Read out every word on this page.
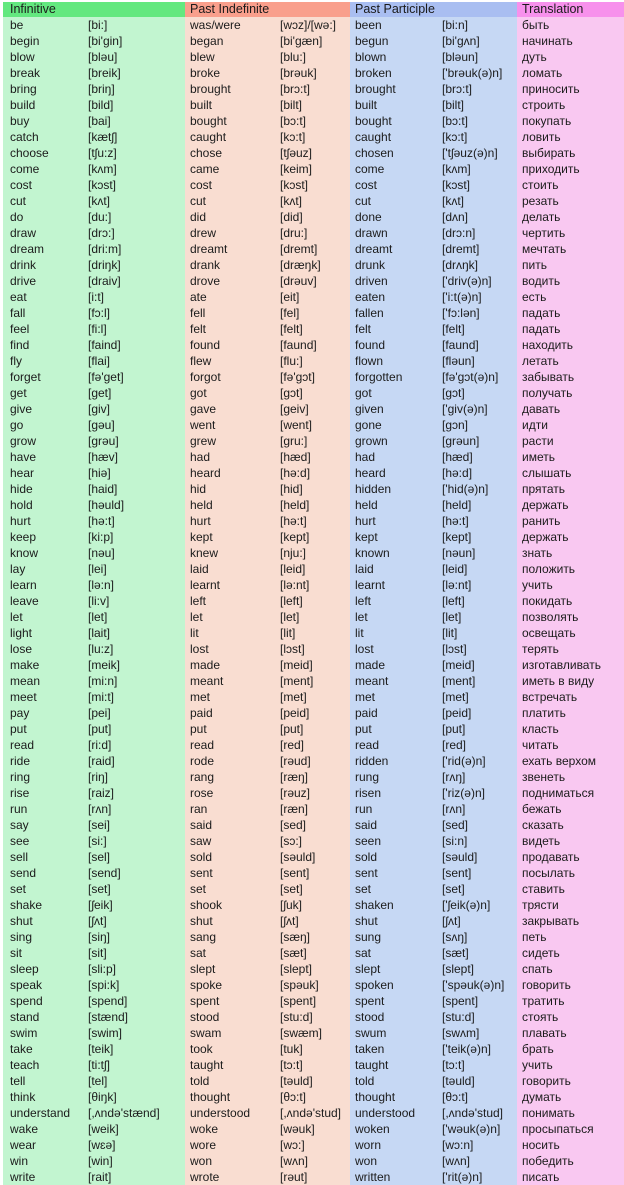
Infinitive	Past Indefinite	Past Participle	Translation
be	[bi:]	was/were	[wɔz]/[wə:]	been	[bi:n]	быть
begin	[bi'gin]	began	[bi'gæn]	begun	[bi'gʌn]	начинать
blow	[bləu]	blew	[blu:]	blown	[bləun]	дуть
break	[breik]	broke	[brəuk]	broken	['brəuk(ə)n]	ломать
bring	[briŋ]	brought	[brɔ:t]	brought	[brɔ:t]	приносить
build	[bild]	built	[bilt]	built	[bilt]	строить
buy	[bai]	bought	[bɔ:t]	bought	[bɔ:t]	покупать
catch	[kætʃ]	caught	[kɔ:t]	caught	[kɔ:t]	ловить
choose	[tʃu:z]	chose	[tʃəuz]	chosen	['tʃəuz(ə)n]	выбирать
come	[kʌm]	came	[keim]	come	[kʌm]	приходить
cost	[kɔst]	cost	[kɔst]	cost	[kɔst]	стоить
cut	[kʌt]	cut	[kʌt]	cut	[kʌt]	резать
do	[du:]	did	[did]	done	[dʌn]	делать
draw	[drɔ:]	drew	[dru:]	drawn	[drɔ:n]	чертить
dream	[dri:m]	dreamt	[dremt]	dreamt	[dremt]	мечтать
drink	[driŋk]	drank	[dræŋk]	drunk	[drʌŋk]	пить
drive	[draiv]	drove	[drəuv]	driven	['driv(ə)n]	водить
eat	[i:t]	ate	[eit]	eaten	['i:t(ə)n]	есть
fall	[fɔ:l]	fell	[fel]	fallen	['fɔ:lən]	падать
feel	[fi:l]	felt	[felt]	felt	[felt]	падать
find	[faind]	found	[faund]	found	[faund]	находить
fly	[flai]	flew	[flu:]	flown	[fləun]	летать
forget	[fə'get]	forgot	[fə'gɔt]	forgotten	[fə'gɔt(ə)n]	забывать
get	[get]	got	[gɔt]	got	[gɔt]	получать
give	[giv]	gave	[geiv]	given	['giv(ə)n]	давать
go	[gəu]	went	[went]	gone	[gɔn]	идти
grow	[grəu]	grew	[gru:]	grown	[grəun]	расти
have	[hæv]	had	[hæd]	had	[hæd]	иметь
hear	[hiə]	heard	[hə:d]	heard	[hə:d]	слышать
hide	[haid]	hid	[hid]	hidden	['hid(ə)n]	прятать
hold	[həuld]	held	[held]	held	[held]	держать
hurt	[hə:t]	hurt	[hə:t]	hurt	[hə:t]	ранить
keep	[ki:p]	kept	[kept]	kept	[kept]	держать
know	[nəu]	knew	[nju:]	known	[nəun]	знать
lay	[lei]	laid	[leid]	laid	[leid]	положить
learn	[lə:n]	learnt	[lə:nt]	learnt	[lə:nt]	учить
leave	[li:v]	left	[left]	left	[left]	покидать
let	[let]	let	[let]	let	[let]	позволять
light	[lait]	lit	[lit]	lit	[lit]	освещать
lose	[lu:z]	lost	[lɔst]	lost	[lɔst]	терять
make	[meik]	made	[meid]	made	[meid]	изготавливать
mean	[mi:n]	meant	[ment]	meant	[ment]	иметь в виду
meet	[mi:t]	met	[met]	met	[met]	встречать
pay	[pei]	paid	[peid]	paid	[peid]	платить
put	[put]	put	[put]	put	[put]	класть
read	[ri:d]	read	[red]	read	[red]	читать
ride	[raid]	rode	[rəud]	ridden	['rid(ə)n]	ехать верхом
ring	[riŋ]	rang	[ræŋ]	rung	[rʌŋ]	звенеть
rise	[raiz]	rose	[rəuz]	risen	['riz(ə)n]	подниматься
run	[rʌn]	ran	[ræn]	run	[rʌn]	бежать
say	[sei]	said	[sed]	said	[sed]	сказать
see	[si:]	saw	[sɔ:]	seen	[si:n]	видеть
sell	[sel]	sold	[səuld]	sold	[səuld]	продавать
send	[send]	sent	[sent]	sent	[sent]	посылать
set	[set]	set	[set]	set	[set]	ставить
shake	[ʃeik]	shook	[ʃuk]	shaken	['ʃeik(ə)n]	трясти
shut	[ʃʌt]	shut	[ʃʌt]	shut	[ʃʌt]	закрывать
sing	[siŋ]	sang	[sæŋ]	sung	[sʌŋ]	петь
sit	[sit]	sat	[sæt]	sat	[sæt]	сидеть
sleep	[sli:p]	slept	[slept]	slept	[slept]	спать
speak	[spi:k]	spoke	[spəuk]	spoken	['spəuk(ə)n]	говорить
spend	[spend]	spent	[spent]	spent	[spent]	тратить
stand	[stænd]	stood	[stu:d]	stood	[stu:d]	стоять
swim	[swim]	swam	[swæm]	swum	[swʌm]	плавать
take	[teik]	took	[tuk]	taken	['teik(ə)n]	брать
teach	[ti:tʃ]	taught	[tɔ:t]	taught	[tɔ:t]	учить
tell	[tel]	told	[təuld]	told	[təuld]	говорить
think	[θiŋk]	thought	[θɔ:t]	thought	[θɔ:t]	думать
understand	[,ʌndə'stænd]	understood	[,ʌndə'stud]	understood	[,ʌndə'stud]	понимать
wake	[weik]	woke	[wəuk]	woken	['wəuk(ə)n]	просыпаться
wear	[wɛə]	wore	[wɔ:]	worn	[wɔ:n]	носить
win	[win]	won	[wʌn]	won	[wʌn]	победить
write	[rait]	wrote	[rəut]	written	['rit(ə)n]	писать
